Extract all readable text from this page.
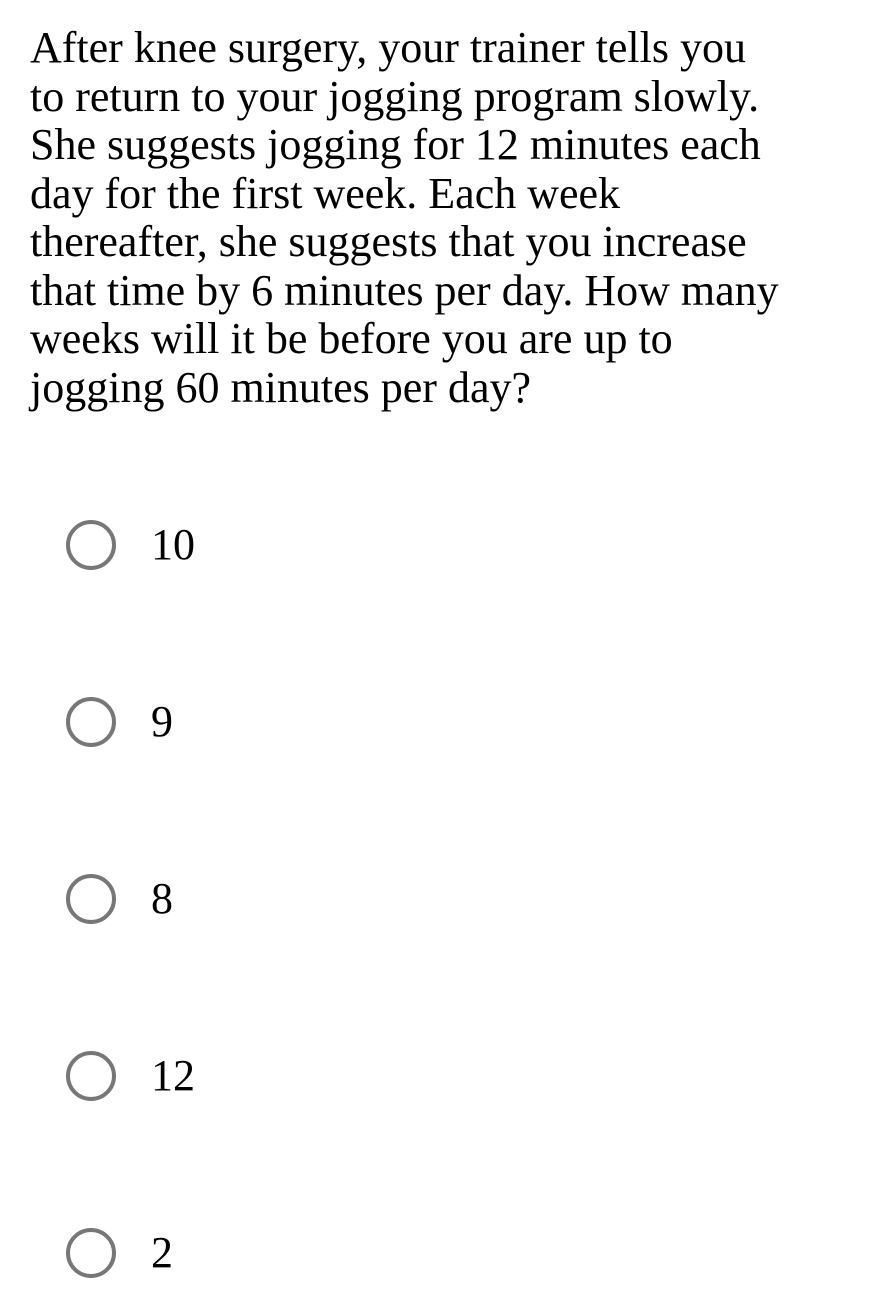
After knee surgery, your trainer tells you
to return to your jogging program slowly.
She suggests jogging for 12 minutes each
day for the first week. Each week
thereafter, she suggests that you increase
that time by 6 minutes per day. How many
weeks will it be before you are up to
jogging 60 minutes per day?
10
9
8
12
2
